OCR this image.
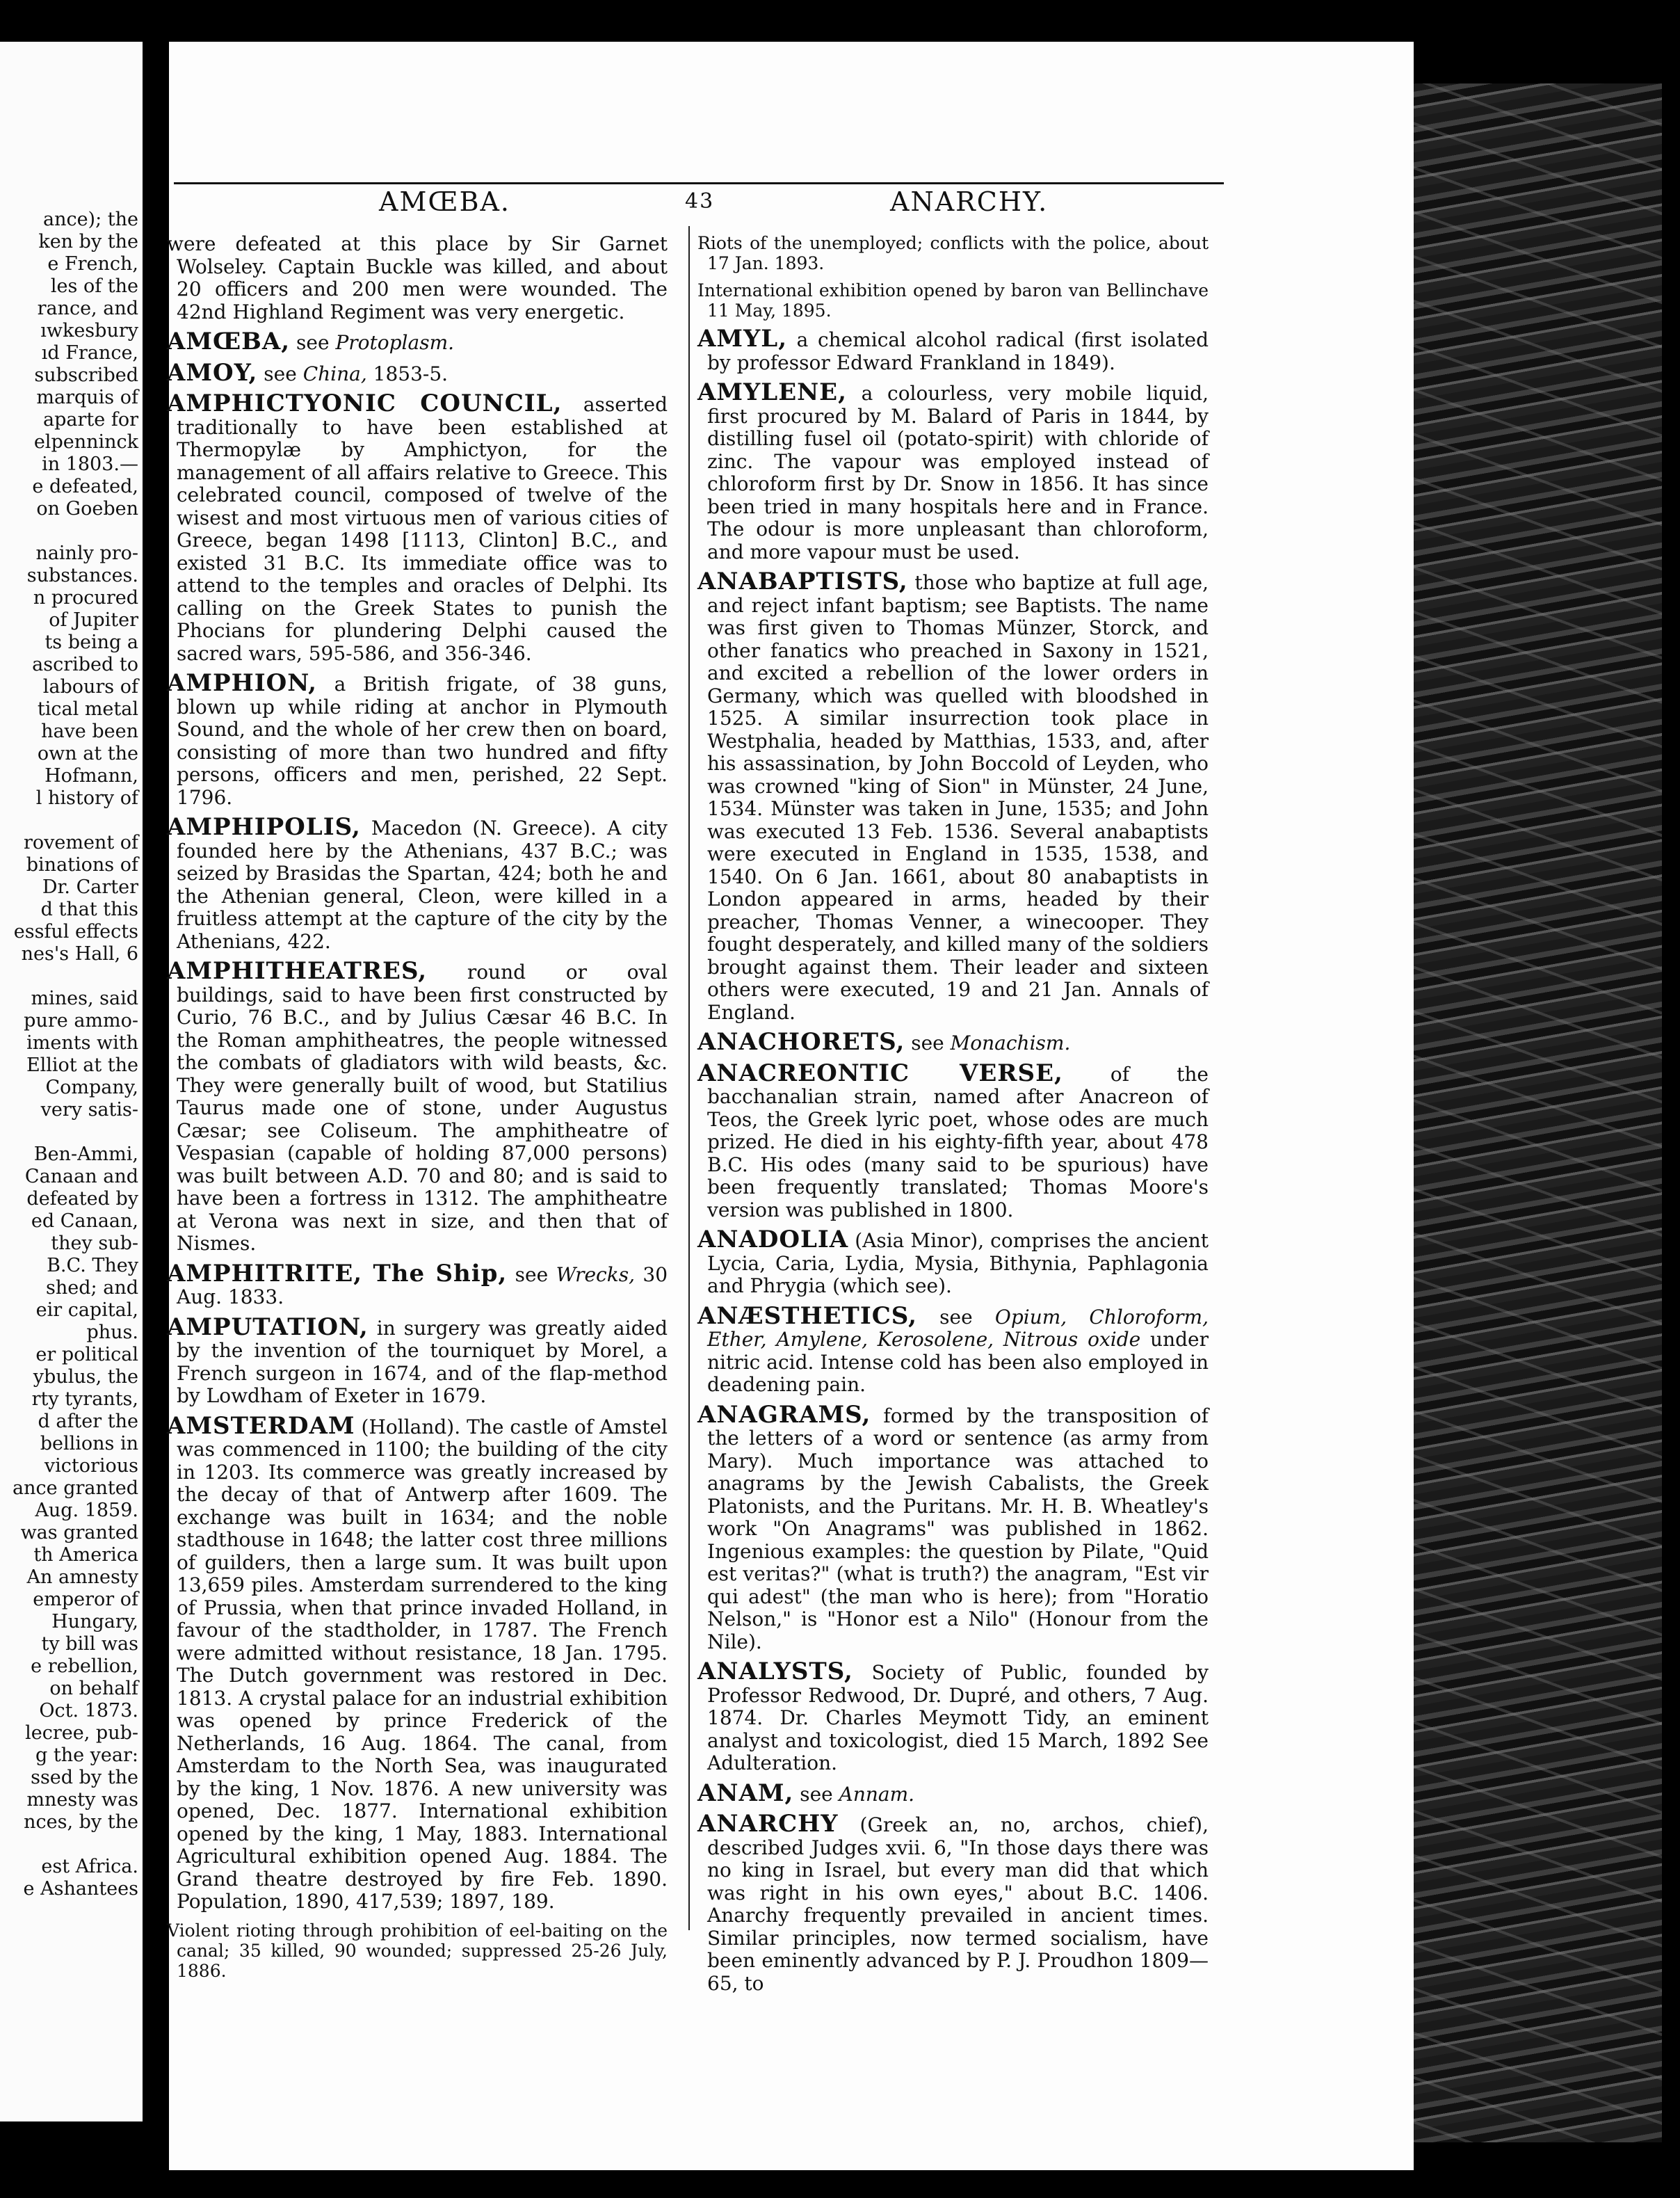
ance); the
ken by the
e French,
les of the
rance, and
ıwkesbury
ıd France,
subscribed
marquis of
aparte for
elpenninck
in 1803.—
e defeated,
on Goeben
nainly pro-
substances.
n procured
of Jupiter
ts being a
ascribed to
labours of
tical metal
have been
own at the
Hofmann,
l history of
rovement of
binations of
Dr. Carter
d that this
essful effects
nes's Hall, 6
mines, said
pure ammo-
iments with
Elliot at the
Company,
very satis-
Ben-Ammi,
Canaan and
defeated by
ed Canaan,
they sub-
B.C. They
shed; and
eir capital,
phus.
er political
ybulus, the
rty tyrants,
d after the
bellions in
victorious
ance granted
Aug. 1859.
was granted
th America
An amnesty
emperor of
Hungary,
ty bill was
e rebellion,
on behalf
Oct. 1873.
lecree, pub-
g the year:
ssed by the
mnesty was
nces, by the
est Africa.
e Ashantees
AMŒBA.	43	ANARCHY.
were defeated at this place by Sir Garnet Wolseley. Captain Buckle was killed, and about 20 officers and 200 men were wounded. The 42nd Highland Regiment was very energetic.
AMŒBA, see Protoplasm.
AMOY, see China, 1853-5.
AMPHICTYONIC COUNCIL, asserted traditionally to have been established at Thermopylæ by Amphictyon, for the management of all affairs relative to Greece. This celebrated council, composed of twelve of the wisest and most virtuous men of various cities of Greece, began 1498 [1113, Clinton] B.C., and existed 31 B.C. Its immediate office was to attend to the temples and oracles of Delphi. Its calling on the Greek States to punish the Phocians for plundering Delphi caused the sacred wars, 595-586, and 356-346.
AMPHION, a British frigate, of 38 guns, blown up while riding at anchor in Plymouth Sound, and the whole of her crew then on board, consisting of more than two hundred and fifty persons, officers and men, perished, 22 Sept. 1796.
AMPHIPOLIS, Macedon (N. Greece). A city founded here by the Athenians, 437 B.C.; was seized by Brasidas the Spartan, 424; both he and the Athenian general, Cleon, were killed in a fruitless attempt at the capture of the city by the Athenians, 422.
AMPHITHEATRES, round or oval buildings, said to have been first constructed by Curio, 76 B.C., and by Julius Cæsar 46 B.C. In the Roman amphitheatres, the people witnessed the combats of gladiators with wild beasts, &c. They were generally built of wood, but Statilius Taurus made one of stone, under Augustus Cæsar; see Coliseum. The amphitheatre of Vespasian (capable of holding 87,000 persons) was built between A.D. 70 and 80; and is said to have been a fortress in 1312. The amphitheatre at Verona was next in size, and then that of Nismes.
AMPHITRITE, The Ship, see Wrecks, 30 Aug. 1833.
AMPUTATION, in surgery was greatly aided by the invention of the tourniquet by Morel, a French surgeon in 1674, and of the flap-method by Lowdham of Exeter in 1679.
AMSTERDAM (Holland). The castle of Amstel was commenced in 1100; the building of the city in 1203. Its commerce was greatly increased by the decay of that of Antwerp after 1609. The exchange was built in 1634; and the noble stadthouse in 1648; the latter cost three millions of guilders, then a large sum. It was built upon 13,659 piles. Amsterdam surrendered to the king of Prussia, when that prince invaded Holland, in favour of the stadtholder, in 1787. The French were admitted without resistance, 18 Jan. 1795. The Dutch government was restored in Dec. 1813. A crystal palace for an industrial exhibition was opened by prince Frederick of the Netherlands, 16 Aug. 1864. The canal, from Amsterdam to the North Sea, was inaugurated by the king, 1 Nov. 1876. A new university was opened, Dec. 1877. International exhibition opened by the king, 1 May, 1883. International Agricultural exhibition opened Aug. 1884. The Grand theatre destroyed by fire Feb. 1890. Population, 1890, 417,539; 1897, 189.
Violent rioting through prohibition of eel-baiting on the canal; 35 killed, 90 wounded; suppressed 25-26 July, 1886.
Riots of the unemployed; conflicts with the police, about 17 Jan. 1893.
International exhibition opened by baron van Bellinchave 11 May, 1895.
AMYL, a chemical alcohol radical (first isolated by professor Edward Frankland in 1849).
AMYLENE, a colourless, very mobile liquid, first procured by M. Balard of Paris in 1844, by distilling fusel oil (potato-spirit) with chloride of zinc. The vapour was employed instead of chloroform first by Dr. Snow in 1856. It has since been tried in many hospitals here and in France. The odour is more unpleasant than chloroform, and more vapour must be used.
ANABAPTISTS, those who baptize at full age, and reject infant baptism; see Baptists. The name was first given to Thomas Münzer, Storck, and other fanatics who preached in Saxony in 1521, and excited a rebellion of the lower orders in Germany, which was quelled with bloodshed in 1525. A similar insurrection took place in Westphalia, headed by Matthias, 1533, and, after his assassination, by John Boccold of Leyden, who was crowned "king of Sion" in Münster, 24 June, 1534. Münster was taken in June, 1535; and John was executed 13 Feb. 1536. Several anabaptists were executed in England in 1535, 1538, and 1540. On 6 Jan. 1661, about 80 anabaptists in London appeared in arms, headed by their preacher, Thomas Venner, a winecooper. They fought desperately, and killed many of the soldiers brought against them. Their leader and sixteen others were executed, 19 and 21 Jan. Annals of England.
ANACHORETS, see Monachism.
ANACREONTIC VERSE, of the bacchanalian strain, named after Anacreon of Teos, the Greek lyric poet, whose odes are much prized. He died in his eighty-fifth year, about 478 B.C. His odes (many said to be spurious) have been frequently translated; Thomas Moore's version was published in 1800.
ANADOLIA (Asia Minor), comprises the ancient Lycia, Caria, Lydia, Mysia, Bithynia, Paphlagonia and Phrygia (which see).
ANÆSTHETICS, see Opium, Chloroform, Ether, Amylene, Kerosolene, Nitrous oxide under nitric acid. Intense cold has been also employed in deadening pain.
ANAGRAMS, formed by the transposition of the letters of a word or sentence (as army from Mary). Much importance was attached to anagrams by the Jewish Cabalists, the Greek Platonists, and the Puritans. Mr. H. B. Wheatley's work "On Anagrams" was published in 1862. Ingenious examples: the question by Pilate, "Quid est veritas?" (what is truth?) the anagram, "Est vir qui adest" (the man who is here); from "Horatio Nelson," is "Honor est a Nilo" (Honour from the Nile).
ANALYSTS, Society of Public, founded by Professor Redwood, Dr. Dupré, and others, 7 Aug. 1874. Dr. Charles Meymott Tidy, an eminent analyst and toxicologist, died 15 March, 1892 See Adulteration.
ANAM, see Annam.
ANARCHY (Greek an, no, archos, chief), described Judges xvii. 6, "In those days there was no king in Israel, but every man did that which was right in his own eyes," about B.C. 1406. Anarchy frequently prevailed in ancient times. Similar principles, now termed socialism, have been eminently advanced by P. J. Proudhon 1809—65, to
